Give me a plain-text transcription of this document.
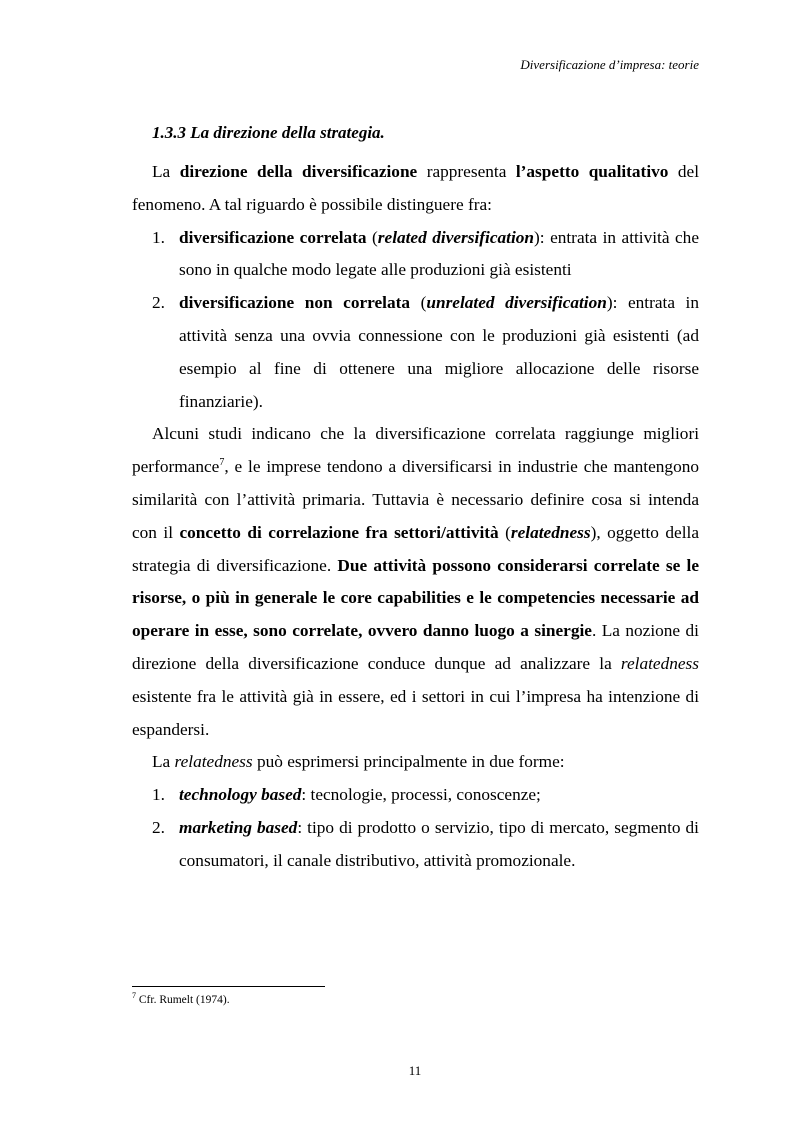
Diversificazione d’impresa: teorie
1.3.3 La direzione della strategia.

La direzione della diversificazione rappresenta l’aspetto qualitativo del fenomeno. A tal riguardo è possibile distinguere fra:

1. diversificazione correlata (related diversification): entrata in attività che sono in qualche modo legate alle produzioni già esistenti
2. diversificazione non correlata (unrelated diversification): entrata in attività senza una ovvia connessione con le produzioni già esistenti (ad esempio al fine di ottenere una migliore allocazione delle risorse finanziarie).

Alcuni studi indicano che la diversificazione correlata raggiunge migliori performance$^7$, e le imprese tendono a diversificarsi in industrie che mantengono similarità con l’attività primaria. Tuttavia è necessario definire cosa si intenda con il concetto di correlazione fra settori/attività (relatedness), oggetto della strategia di diversificazione. Due attività possono considerarsi correlate se le risorse, o più in generale le core capabilities e le competencies necessarie ad operare in esse, sono correlate, ovvero danno luogo a sinergie. La nozione di direzione della diversificazione conduce dunque ad analizzare la relatedness esistente fra le attività già in essere, ed i settori in cui l’impresa ha intenzione di espandersi.

La relatedness può esprimersi principalmente in due forme:

1. technology based: tecnologie, processi, conoscenze;
2. marketing based: tipo di prodotto o servizio, tipo di mercato, segmento di consumatori, il canale distributivo, attività promozionale.
$^7$ Cfr. Rumelt (1974).
11
